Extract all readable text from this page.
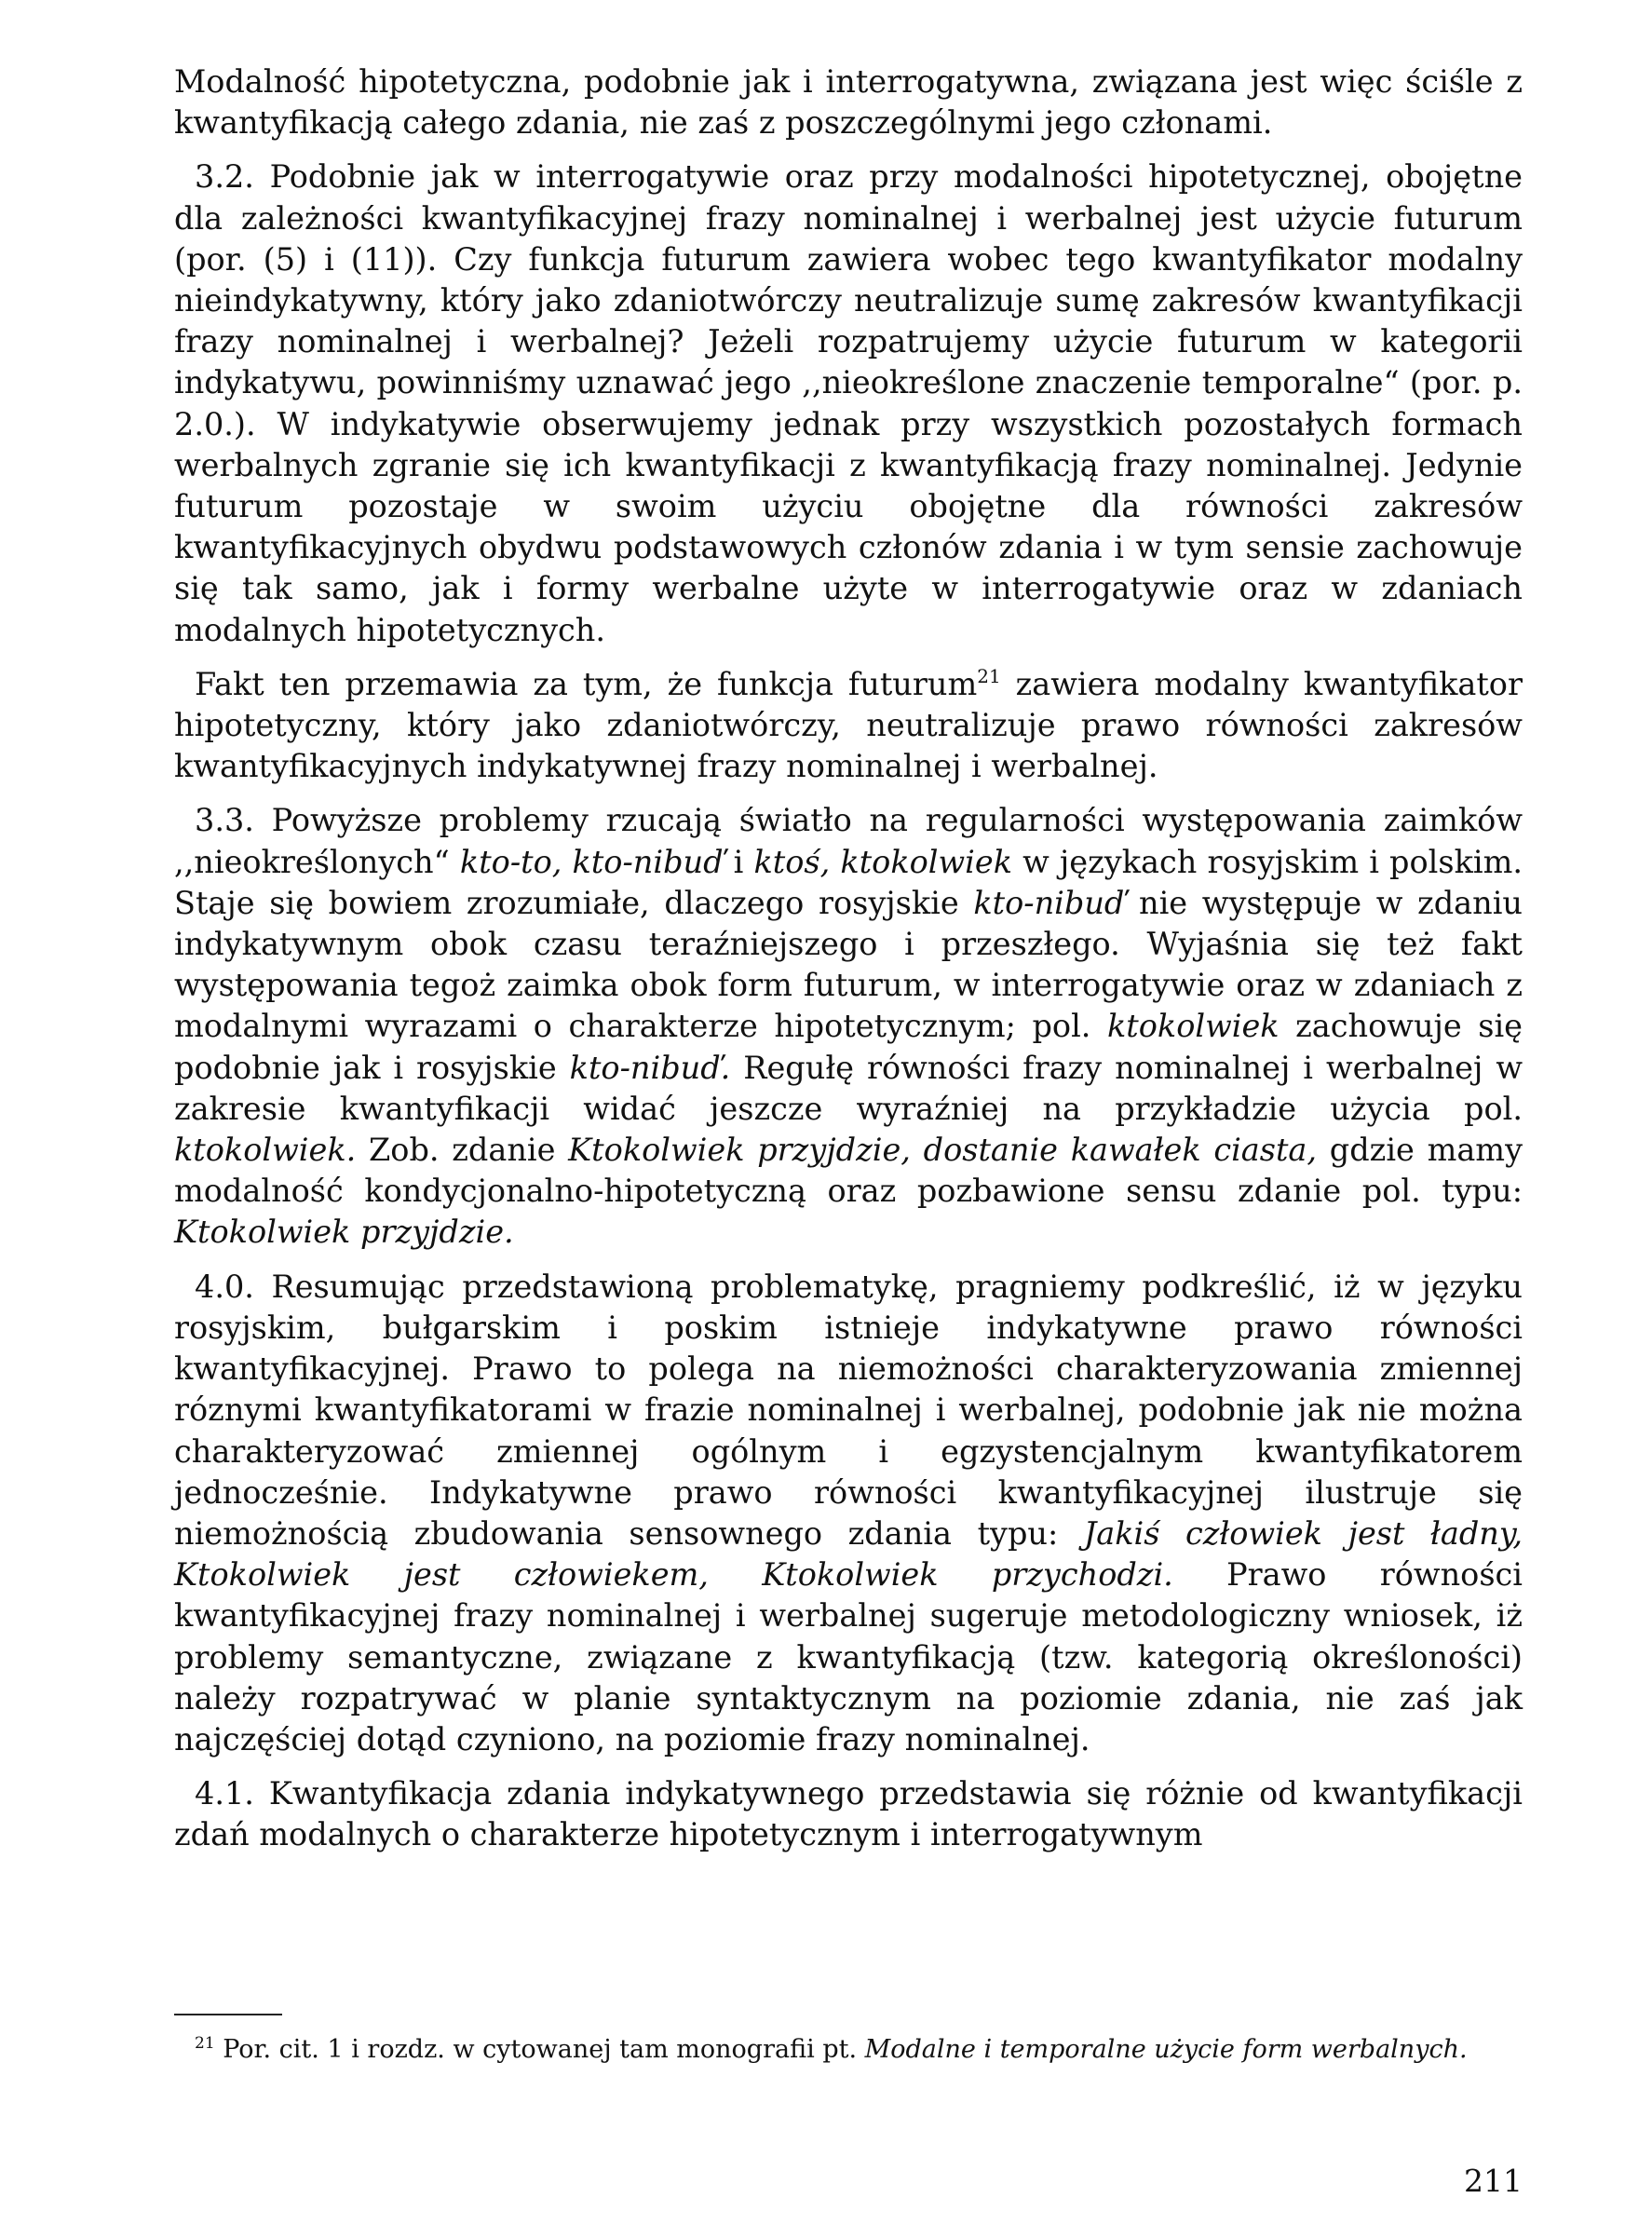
Modalność hipotetyczna, podobnie jak i interrogatywna, związana jest więc ściśle z kwantyfikacją całego zdania, nie zaś z poszczególnymi jego członami.

3.2. Podobnie jak w interrogatywie oraz przy modalności hipotetycznej, obojętne dla zależności kwantyfikacyjnej frazy nominalnej i werbalnej jest użycie futurum (por. (5) i (11)). Czy funkcja futurum zawiera wobec tego kwantyfikator modalny nieindykatywny, który jako zdaniotwórczy neutralizuje sumę zakresów kwantyfikacji frazy nominalnej i werbalnej? Jeżeli rozpatrujemy użycie futurum w kategorii indykatywu, powinniśmy uznawać jego ,,nieokreślone znaczenie temporalne“ (por. p. 2.0.). W indykatywie obserwujemy jednak przy wszystkich pozostałych formach werbalnych zgranie się ich kwantyfikacji z kwantyfikacją frazy nominalnej. Jedynie futurum pozostaje w swoim użyciu obojętne dla równości zakresów kwantyfikacyjnych obydwu podstawowych członów zdania i w tym sensie zachowuje się tak samo, jak i formy werbalne użyte w interrogatywie oraz w zdaniach modalnych hipotetycznych.

Fakt ten przemawia za tym, że funkcja futurum$^{21}$ zawiera modalny kwantyfikator hipotetyczny, który jako zdaniotwórczy, neutralizuje prawo równości zakresów kwantyfikacyjnych indykatywnej frazy nominalnej i werbalnej.

3.3. Powyższe problemy rzucają światło na regularności występowania zaimków ,,nieokreślonych“ kto-to, kto-nibuď i ktoś, ktokolwiek w językach rosyjskim i polskim. Staje się bowiem zrozumiałe, dlaczego rosyjskie kto-nibuď nie występuje w zdaniu indykatywnym obok czasu teraźniejszego i przeszłego. Wyjaśnia się też fakt występowania tegoż zaimka obok form futurum, w interrogatywie oraz w zdaniach z modalnymi wyrazami o charakterze hipotetycznym; pol. ktokolwiek zachowuje się podobnie jak i rosyjskie kto-nibuď. Regułę równości frazy nominalnej i werbalnej w zakresie kwantyfikacji widać jeszcze wyraźniej na przykładzie użycia pol. ktokolwiek. Zob. zdanie Ktokolwiek przyjdzie, dostanie kawałek ciasta, gdzie mamy modalność kondycjonalno-hipotetyczną oraz pozbawione sensu zdanie pol. typu: Ktokolwiek przyjdzie.

4.0. Resumując przedstawioną problematykę, pragniemy podkreślić, iż w języku rosyjskim, bułgarskim i poskim istnieje indykatywne prawo równości kwantyfikacyjnej. Prawo to polega na niemożności charakteryzowania zmiennej róznymi kwantyfikatorami w frazie nominalnej i werbalnej, podobnie jak nie można charakteryzować zmiennej ogólnym i egzystencjalnym kwantyfikatorem jednocześnie. Indykatywne prawo równości kwantyfikacyjnej ilustruje się niemożnością zbudowania sensownego zdania typu: Jakiś człowiek jest ładny, Ktokolwiek jest człowiekem, Ktokolwiek przychodzi. Prawo równości kwantyfikacyjnej frazy nominalnej i werbalnej sugeruje metodologiczny wniosek, iż problemy semantyczne, związane z kwantyfikacją (tzw. kategorią określoności) należy rozpatrywać w planie syntaktycznym na poziomie zdania, nie zaś jak najczęściej dotąd czyniono, na poziomie frazy nominalnej.

4.1. Kwantyfikacja zdania indykatywnego przedstawia się różnie od kwantyfikacji zdań modalnych o charakterze hipotetycznym i interrogatywnym

$^{21}$ Por. cit. 1 i rozdz. w cytowanej tam monografii pt. Modalne i temporalne użycie form werbalnych.
211
